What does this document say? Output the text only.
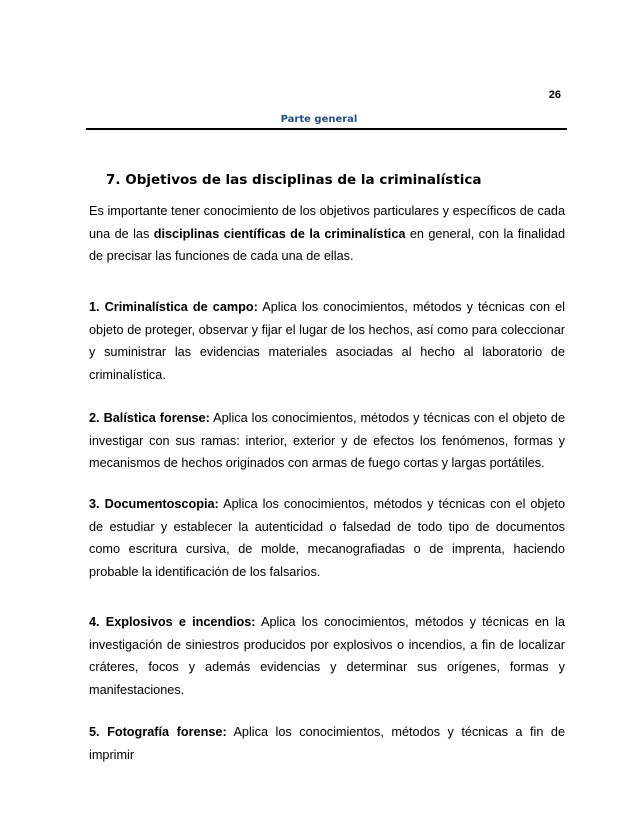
26
Parte general
7. Objetivos de las disciplinas de la criminalística

Es importante tener conocimiento de los objetivos particulares y específicos de cada una de las disciplinas científicas de la criminalística en general, con la finalidad de precisar las funciones de cada una de ellas.

1. Criminalística de campo: Aplica los conocimientos, métodos y técnicas con el objeto de proteger, observar y fijar el lugar de los hechos, así como para coleccionar y suministrar las evidencias materiales asociadas al hecho al laboratorio de criminalística.

2. Balística forense: Aplica los conocimientos, métodos y técnicas con el objeto de investigar con sus ramas: interior, exterior y de efectos los fenómenos, formas y mecanismos de hechos originados con armas de fuego cortas y largas portátiles.

3. Documentoscopia: Aplica los conocimientos, métodos y técnicas con el objeto de estudiar y establecer la autenticidad o falsedad de todo tipo de documentos como escritura cursiva, de molde, mecanografiadas o de imprenta, haciendo probable la identificación de los falsarios.

4. Explosivos e incendios: Aplica los conocimientos, métodos y técnicas en la investigación de siniestros producidos por explosivos o incendios, a fin de localizar cráteres, focos y además evidencias y determinar sus orígenes, formas y manifestaciones.

5. Fotografía forense: Aplica los conocimientos, métodos y técnicas a fin de imprimir
